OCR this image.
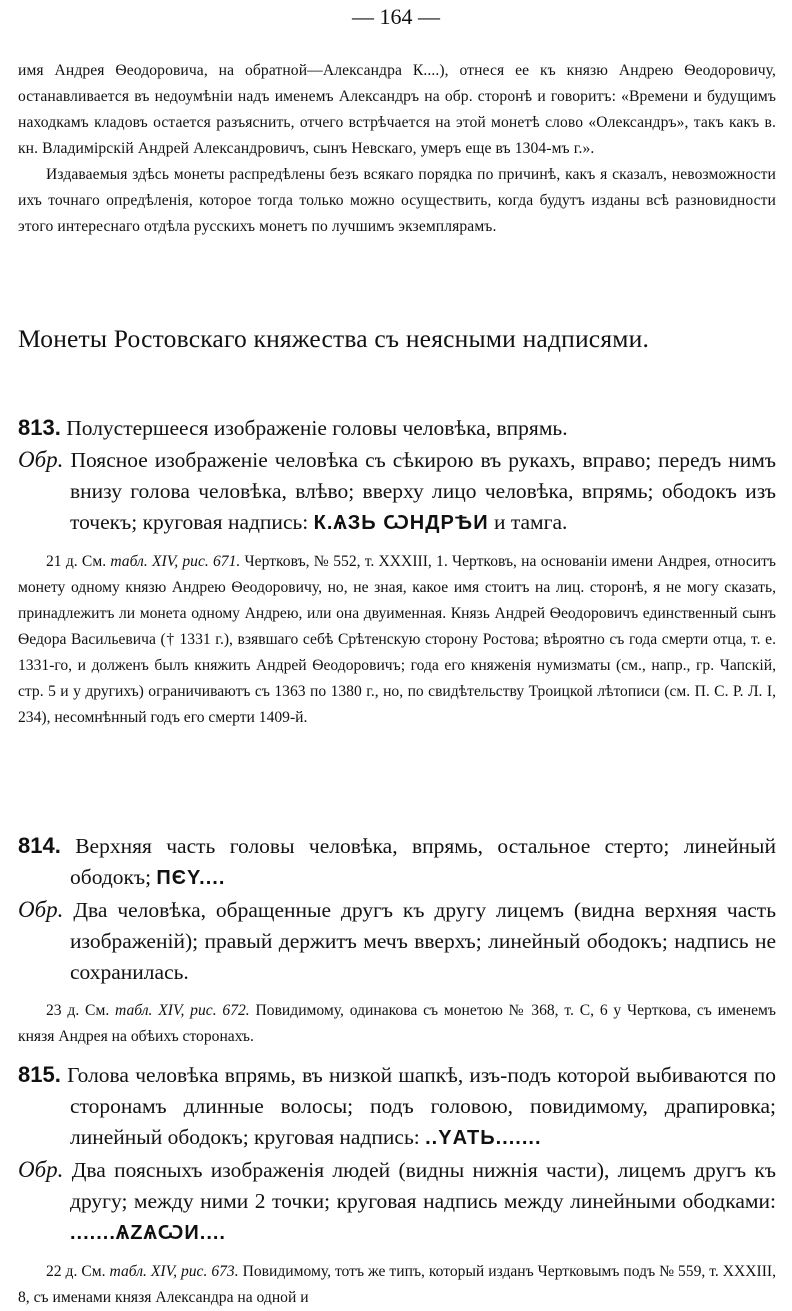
— 164 —

имя Андрея Ѳеодоровича, на обратной—Александра К....), отнеся ее къ князю Андрею Ѳеодоровичу, останавливается въ недоумѣніи надъ именемъ Александръ на обр. сторонѣ и говоритъ: «Времени и будущимъ находкамъ кладовъ остается разъяснить, отчего встрѣчается на этой монетѣ слово «Олександръ», такъ какъ в. кн. Владимірскій Андрей Александровичъ, сынъ Невскаго, умеръ еще въ 1304-мъ г.».

Издаваемыя здѣсь монеты распредѣлены безъ всякаго порядка по причинѣ, какъ я сказалъ, невозможности ихъ точнаго опредѣленія, которое тогда только можно осуществить, когда будутъ изданы всѣ разновидности этого интереснаго отдѣла русскихъ монетъ по лучшимъ экземплярамъ.

Монеты Ростовскаго княжества съ неясными надписями.

813. Полустершееся изображеніе головы человѣка, впрямь.

Обр. Поясное изображеніе человѣка съ сѣкирою въ рукахъ, вправо; передъ нимъ внизу голова человѣка, влѣво; вверху лицо человѣка, впрямь; ободокъ изъ точекъ; круговая надпись: К.ѦЗЬ ѠНДРѢИ и тамга.

21 д. См. табл. XIV, рис. 671. Чертковъ, № 552, т. XXXIII, 1. Чертковъ, на основаніи имени Андрея, относитъ монету одному князю Андрею Ѳеодоровичу, но, не зная, какое имя стоитъ на лиц. сторонѣ, я не могу сказать, принадлежитъ ли монета одному Андрею, или она двуименная. Князь Андрей Ѳеодоровичъ единственный сынъ Ѳедора Васильевича († 1331 г.), взявшаго себѣ Срѣтенскую сторону Ростова; вѣроятно съ года смерти отца, т. е. 1331-го, и долженъ былъ княжить Андрей Ѳеодоровичъ; года его княженія нумизматы (см., напр., гр. Чапскій, стр. 5 и у другихъ) ограничиваютъ съ 1363 по 1380 г., но, по свидѣтельству Троицкой лѣтописи (см. П. С. Р. Л. I, 234), несомнѣнный годъ его смерти 1409-й.

814. Верхняя часть головы человѣка, впрямь, остальное стерто; линейный ободокъ; ПЄY....

Обр. Два человѣка, обращенные другъ къ другу лицемъ (видна верхняя часть изображеній); правый держитъ мечъ вверхъ; линейный ободокъ; надпись не сохранилась.

23 д. См. табл. XIV, рис. 672. Повидимому, одинакова съ монетою № 368, т. С, 6 у Черткова, съ именемъ князя Андрея на обѣихъ сторонахъ.

815. Голова человѣка впрямь, въ низкой шапкѣ, изъ-подъ которой выбиваются по сторонамъ длинные волосы; подъ головою, повидимому, драпировка; линейный ободокъ; круговая надпись: ..YАТЬ.......

Обр. Два поясныхъ изображенія людей (видны нижнія части), лицемъ другъ къ другу; между ними 2 точки; круговая надпись между линейными ободками: .......ѦZѦѠИ....

22 д. См. табл. XIV, рис. 673. Повидимому, тотъ же типъ, который изданъ Чертковымъ подъ № 559, т. XXXIII, 8, съ именами князя Александра на одной и
